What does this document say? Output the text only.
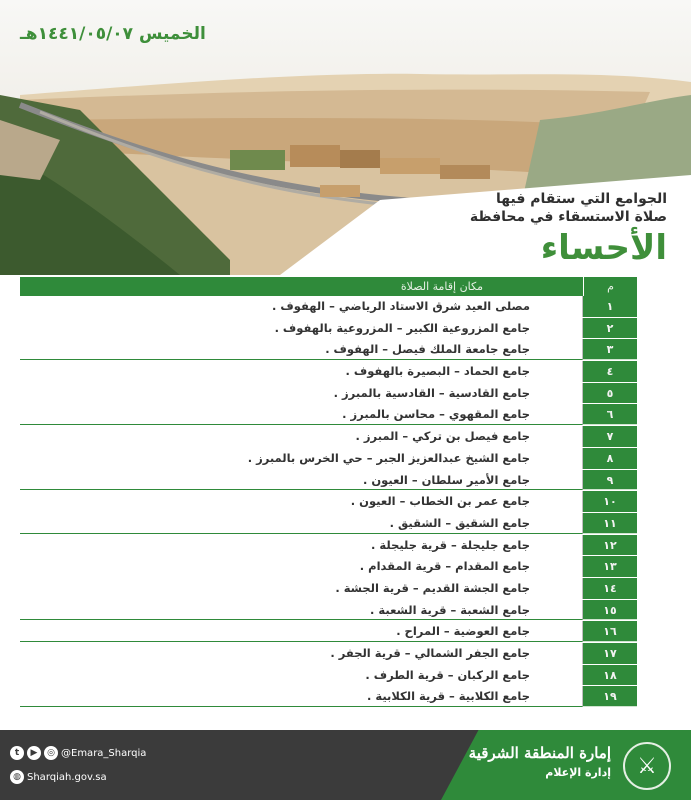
الخميس ١٤٤١/٠٥/٠٧هـ
الجوامع التي ستقام فيها
صلاة الاستسقاء في محافظة
الأحساء
مكان إقامة الصلاة	م
مصلى العيد شرق الاستاد الرياضي – الهفوف .	١
جامع المزروعية الكبير – المزروعية بالهفوف .	٢
جامع جامعة الملك فيصل – الهفوف .	٣
جامع الحماد – البصيرة بالهفوف .	٤
جامع القادسية – القادسية بالمبرز .	٥
جامع المقهوي – محاسن بالمبرز .	٦
جامع فيصل بن تركي – المبرز .	٧
جامع الشيخ عبدالعزيز الجبر – حي الخرس بالمبرز .	٨
جامع الأمير سلطان – العيون .	٩
جامع عمر بن الخطاب – العيون .	١٠
جامع الشقيق – الشقيق .	١١
جامع جليجلة – قرية جليجلة .	١٢
جامع المقدام – قرية المقدام .	١٣
جامع الجشة القديم – قرية الجشة .	١٤
جامع الشعبة – قرية الشعبة .	١٥
جامع العوضية – المراح .	١٦
جامع الجفر الشمالي – قرية الجفر .	١٧
جامع الركبان – قرية الطرف .	١٨
جامع الكلابية – قرية الكلابية .	١٩
t	▶	◎ @Emara_Sharqia
◍ Sharqiah.gov.sa
إمارة المنطقة الشرقية
إدارة الإعلام	⚔
